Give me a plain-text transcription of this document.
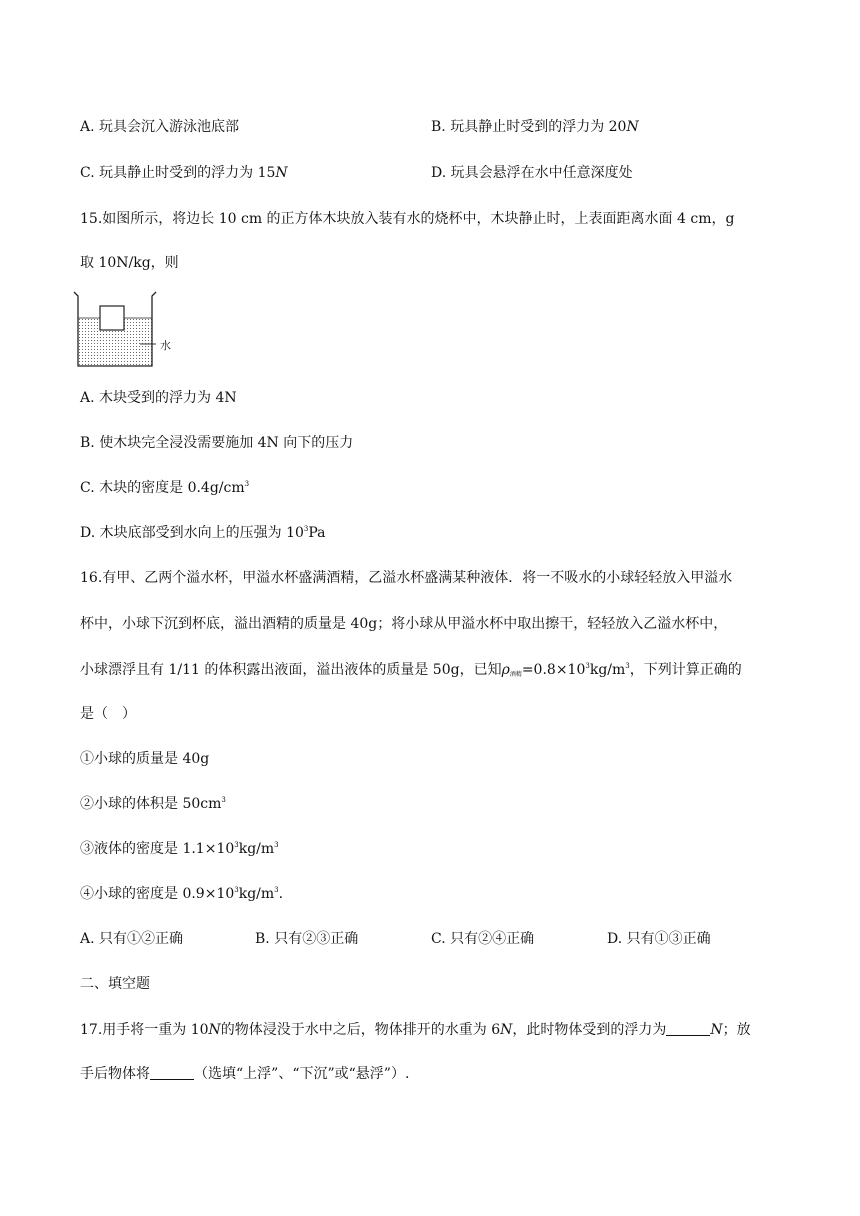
A. 玩具会沉入游泳池底部	B. 玩具静止时受到的浮力为 20N
C. 玩具静止时受到的浮力为 15N	D. 玩具会悬浮在水中任意深度处
15.如图所示，将边长 10 cm 的正方体木块放入装有水的烧杯中，木块静止时，上表面距离水面 4 cm，g
取 10N/kg，则
水
A. 木块受到的浮力为 4N
B. 使木块完全浸没需要施加 4N 向下的压力
C. 木块的密度是 $0.4g/cm^3$
D. 木块底部受到水向上的压强为 $10^3Pa$
16.有甲、乙两个溢水杯，甲溢水杯盛满酒精，乙溢水杯盛满某种液体．将一不吸水的小球轻轻放入甲溢水
杯中，小球下沉到杯底，溢出酒精的质量是 40g；将小球从甲溢水杯中取出擦干，轻轻放入乙溢水杯中，
小球漂浮且有 1/11 的体积露出液面，溢出液体的质量是 50g，已知$\rho_{酒精}=0.8\times 10^3kg/m^3$，下列计算正确的
是（　）
①小球的质量是 40g
②小球的体积是 $50cm^3$
③液体的密度是 $1.1\times 10^3kg/m^3$
④小球的密度是 $0.9\times 10^3kg/m^3$.
A. 只有①②正确	B. 只有②③正确	C. 只有②④正确	D. 只有①③正确
二、填空题
17.用手将一重为 10N的物体浸没于水中之后，物体排开的水重为 6N，此时物体受到的浮力为	N；放
手后物体将	（选填“上浮”、“下沉”或“悬浮”）.
